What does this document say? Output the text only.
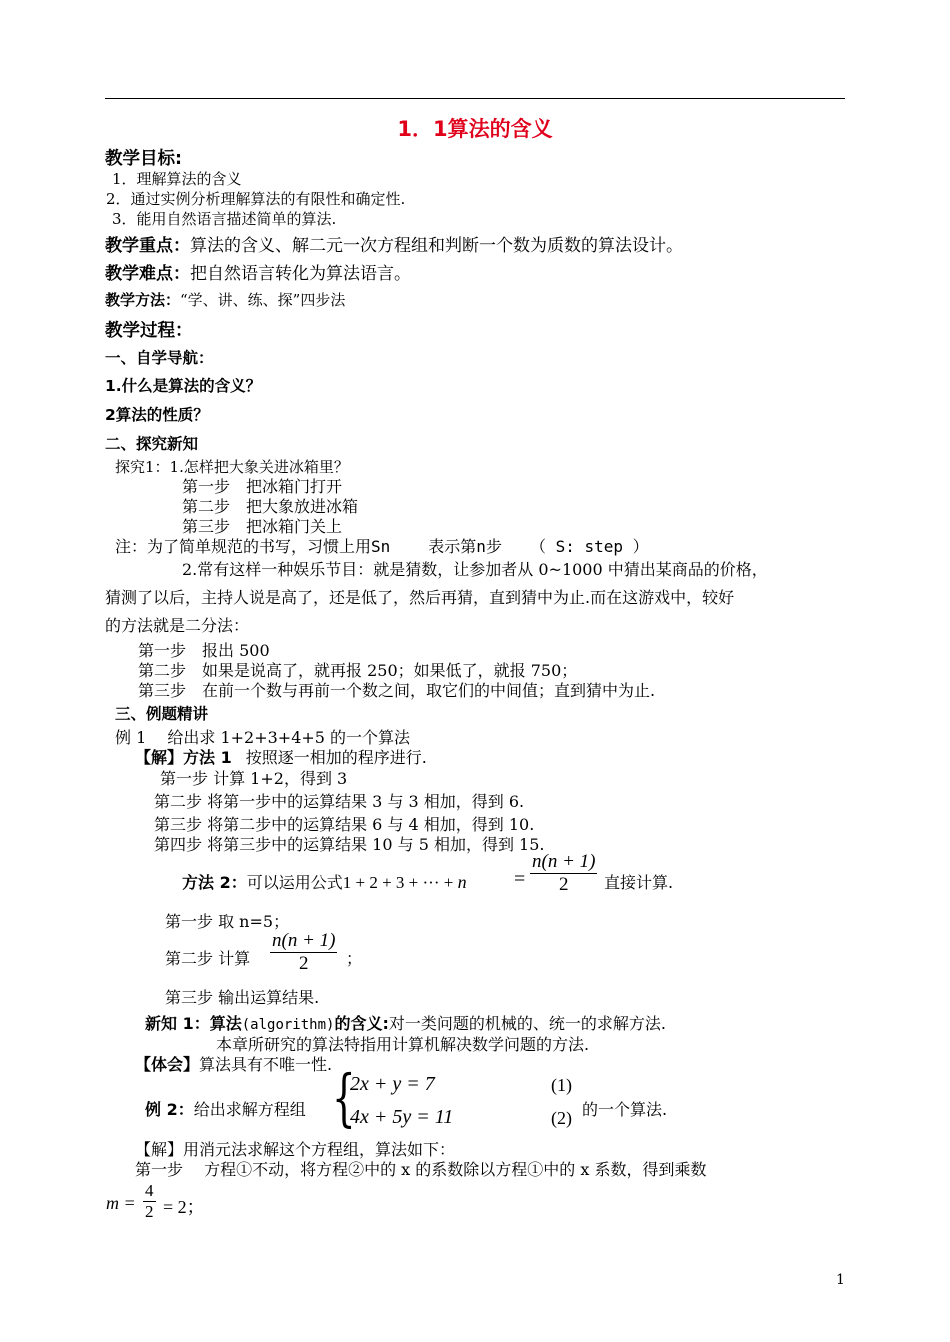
1．1算法的含义
教学目标:
1．理解算法的含义
2．通过实例分析理解算法的有限性和确定性.
3．能用自然语言描述简单的算法.
教学重点：算法的含义、解二元一次方程组和判断一个数为质数的算法设计。
教学难点：把自然语言转化为算法语言。
教学方法：“学、讲、练、探”四步法
教学过程：
一、自学导航：
1.什么是算法的含义？
2算法的性质？
二、探究新知
探究1：1.怎样把大象关进冰箱里？
第一步　把冰箱门打开
第二步　把大象放进冰箱
第三步　把冰箱门关上
注：为了简单规范的书写，习惯上用Sn 表示第n步 （ S: step ）
2.常有这样一种娱乐节目：就是猜数，让参加者从 0~1000 中猜出某商品的价格，
猜测了以后，主持人说是高了，还是低了，然后再猜，直到猜中为止.而在这游戏中，较好
的方法就是二分法：
第一步　报出 500
第二步　如果是说高了，就再报 250；如果低了，就报 750；
第三步　在前一个数与再前一个数之间，取它们的中间值；直到猜中为止.
三、例题精讲
例 1　 给出求 1+2+3+4+5 的一个算法
【解】方法 1 按照逐一相加的程序进行.
第一步 计算 1+2，得到 3
第二步 将第一步中的运算结果 3 与 3 相加，得到 6.
第三步 将第二步中的运算结果 6 与 4 相加，得到 10.
第四步 将第三步中的运算结果 10 与 5 相加，得到 15.
方法 2：可以运用公式1 + 2 + 3 + ··· + $n = \frac{n(n + 1)}{2}$ 直接计算.
第一步 取 n=5；
第二步 计算 $\frac{n(n + 1)}{2}$ ；
第三步 输出运算结果.
新知 1：算法(algorithm)的含义:对一类问题的机械的、统一的求解方法.
本章所研究的算法特指用计算机解决数学问题的方法.
【体会】算法具有不唯一性.
例 2：给出求解方程组 {
2x + y = 7
4x + 5y = 11
(1)
(2) 的一个算法.
【解】用消元法求解这个方程组，算法如下：
第一步　 方程①不动，将方程②中的 x 的系数除以方程①中的 x 系数，得到乘数
$m = \frac{4}{2} = 2$；
1
